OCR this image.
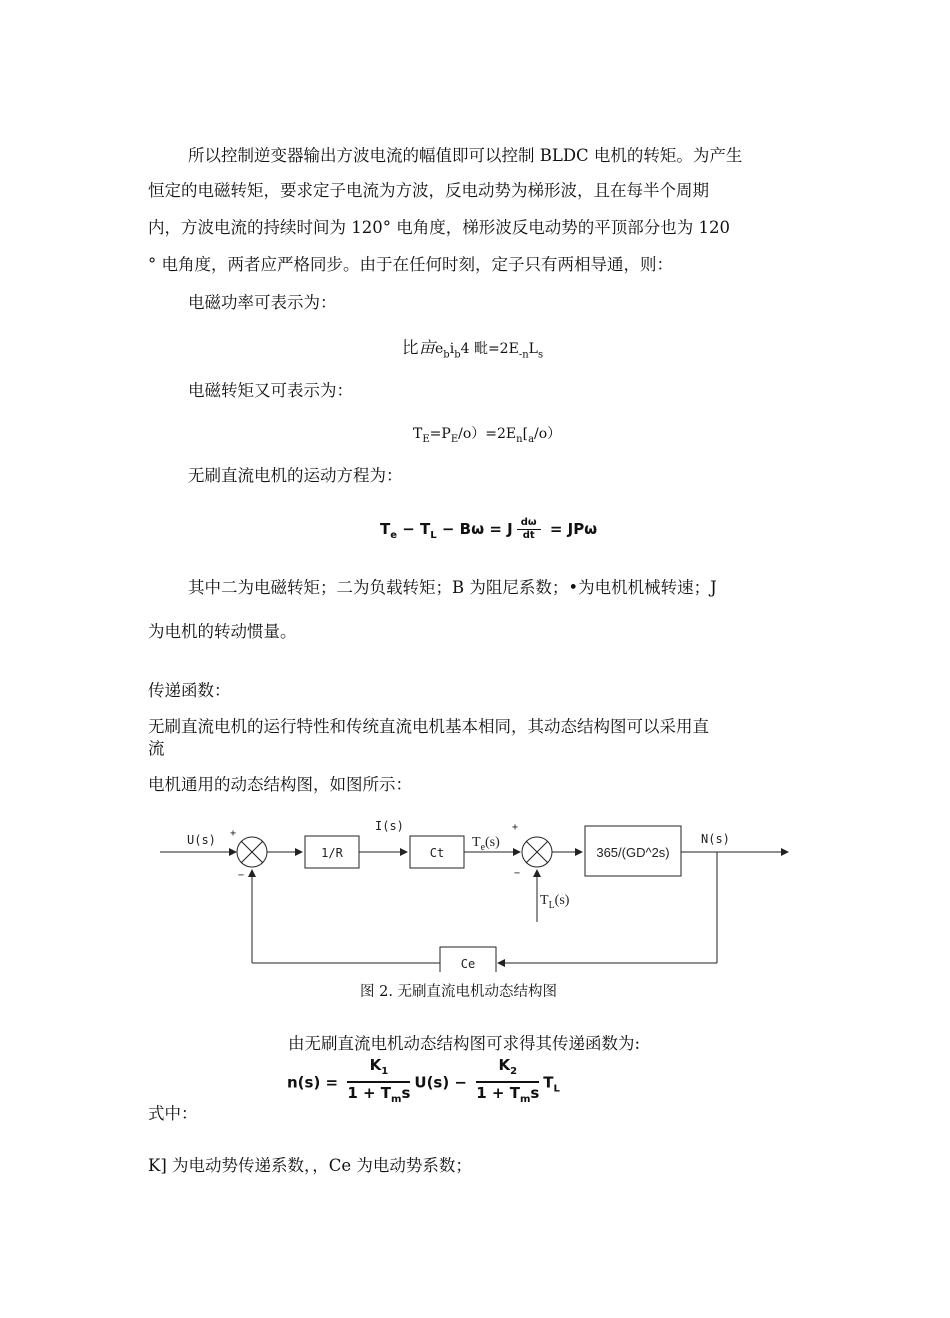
所以控制逆变器输出方波电流的幅值即可以控制 BLDC 电机的转矩。为产生
恒定的电磁转矩，要求定子电流为方波，反电动势为梯形波，且在每半个周期
内，方波电流的持续时间为 120° 电角度，梯形波反电动势的平顶部分也为 120
° 电角度，两者应严格同步。由于在任何时刻，定子只有两相导通，则：
电磁功率可表示为：
比亩$e_bi_b4$ 毗$=2E_{-n}L_s$
电磁转矩又可表示为：
$T_E=P_E/o)=2E_n[_a/o)$
无刷直流电机的运动方程为：
$T_e - T_L - B\omega = J \frac{d\omega}{dt} = JP\omega$
其中二为电磁转矩；二为负载转矩；B 为阻尼系数；•为电机机械转速；J
为电机的转动惯量。
传递函数：
无刷直流电机的运行特性和传统直流电机基本相同，其动态结构图可以采用直
流
电机通用的动态结构图，如图所示：
U(s) +
−
1/R
I(s)
Ct
$T_e(s)$
+
−
365/(GD^2s)
N(s)
$T_L(s)$
Ce
图 2. 无刷直流电机动态结构图
由无刷直流电机动态结构图可求得其传递函数为:
$n(s) = \frac{K_1}{1 + T_ms} U(s) - \frac{K_2}{1 + T_ms} T_L$
式中：
K] 为电动势传递系数，，Ce 为电动势系数；
